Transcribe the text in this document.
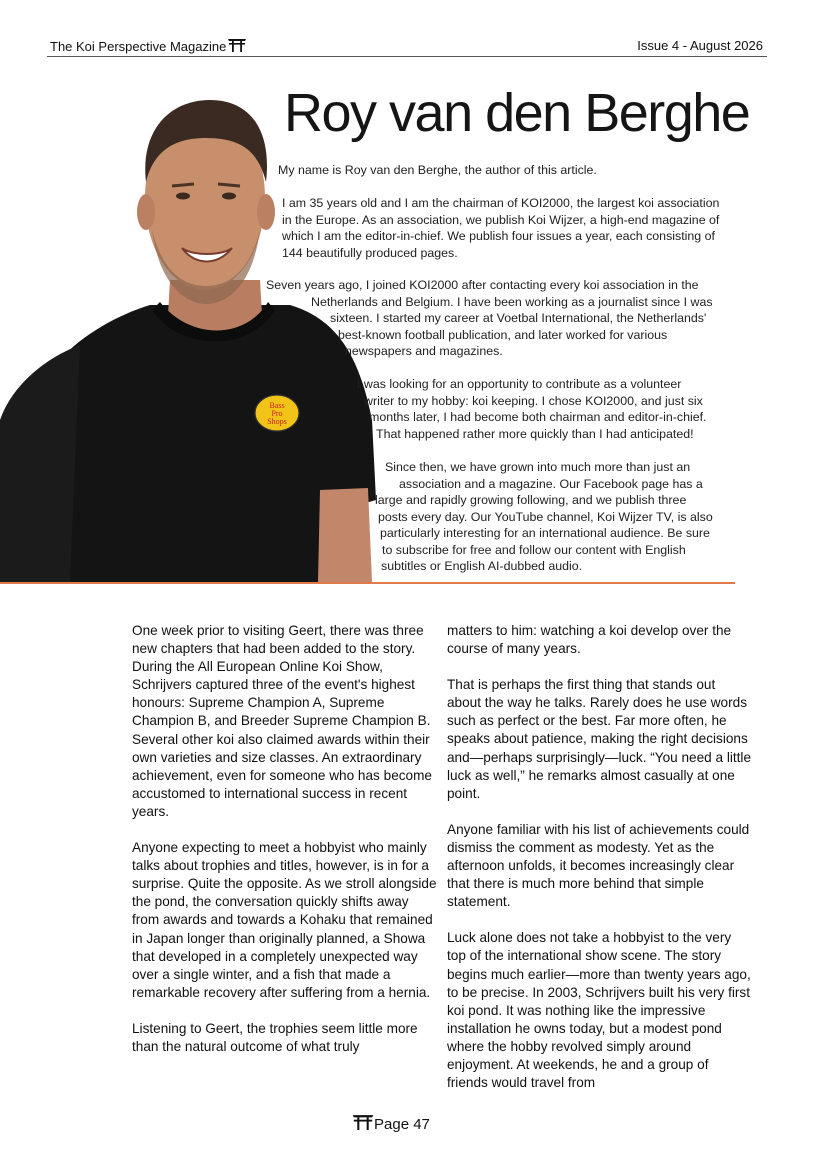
The Koi Perspective Magazine	Issue 4 - August 2026
Roy van den Berghe
Bass
Pro
Shops
My name is Roy van den Berghe, the author of this article.
I am 35 years old and I am the chairman of KOI2000, the largest koi association
in the Europe. As an association, we publish Koi Wijzer, a high-end magazine of
which I am the editor-in-chief. We publish four issues a year, each consisting of
144 beautifully produced pages.
Seven years ago, I joined KOI2000 after contacting every koi association in the
Netherlands and Belgium. I have been working as a journalist since I was
sixteen. I started my career at Voetbal International, the Netherlands'
best-known football publication, and later worked for various
newspapers and magazines.
I was looking for an opportunity to contribute as a volunteer
writer to my hobby: koi keeping. I chose KOI2000, and just six
months later, I had become both chairman and editor-in-chief.
That happened rather more quickly than I had anticipated!
Since then, we have grown into much more than just an
association and a magazine. Our Facebook page has a
large and rapidly growing following, and we publish three
posts every day. Our YouTube channel, Koi Wijzer TV, is also
particularly interesting for an international audience. Be sure
to subscribe for free and follow our content with English
subtitles or English AI-dubbed audio.

One week prior to visiting Geert, there was three new chapters that had been added to the story. During the All European Online Koi Show, Schrijvers captured three of the event's highest honours: Supreme Champion A, Supreme Champion B, and Breeder Supreme Champion B. Several other koi also claimed awards within their own varieties and size classes. An extraordinary achievement, even for someone who has become accustomed to international success in recent years.

Anyone expecting to meet a hobbyist who mainly talks about trophies and titles, however, is in for a surprise. Quite the opposite. As we stroll alongside the pond, the conversation quickly shifts away from awards and towards a Kohaku that remained in Japan longer than originally planned, a Showa that developed in a completely unexpected way over a single winter, and a fish that made a remarkable recovery after suffering from a hernia.

Listening to Geert, the trophies seem little more than the natural outcome of what truly

matters to him: watching a koi develop over the course of many years.

That is perhaps the first thing that stands out about the way he talks. Rarely does he use words such as perfect or the best. Far more often, he speaks about patience, making the right decisions and—perhaps surprisingly—luck. “You need a little luck as well,” he remarks almost casually at one point.

Anyone familiar with his list of achievements could dismiss the comment as modesty. Yet as the afternoon unfolds, it becomes increasingly clear that there is much more behind that simple statement.

Luck alone does not take a hobbyist to the very top of the international show scene. The story begins much earlier—more than twenty years ago, to be precise. In 2003, Schrijvers built his very first koi pond. It was nothing like the impressive installation he owns today, but a modest pond where the hobby revolved simply around enjoyment. At weekends, he and a group of friends would travel from

Page 47
